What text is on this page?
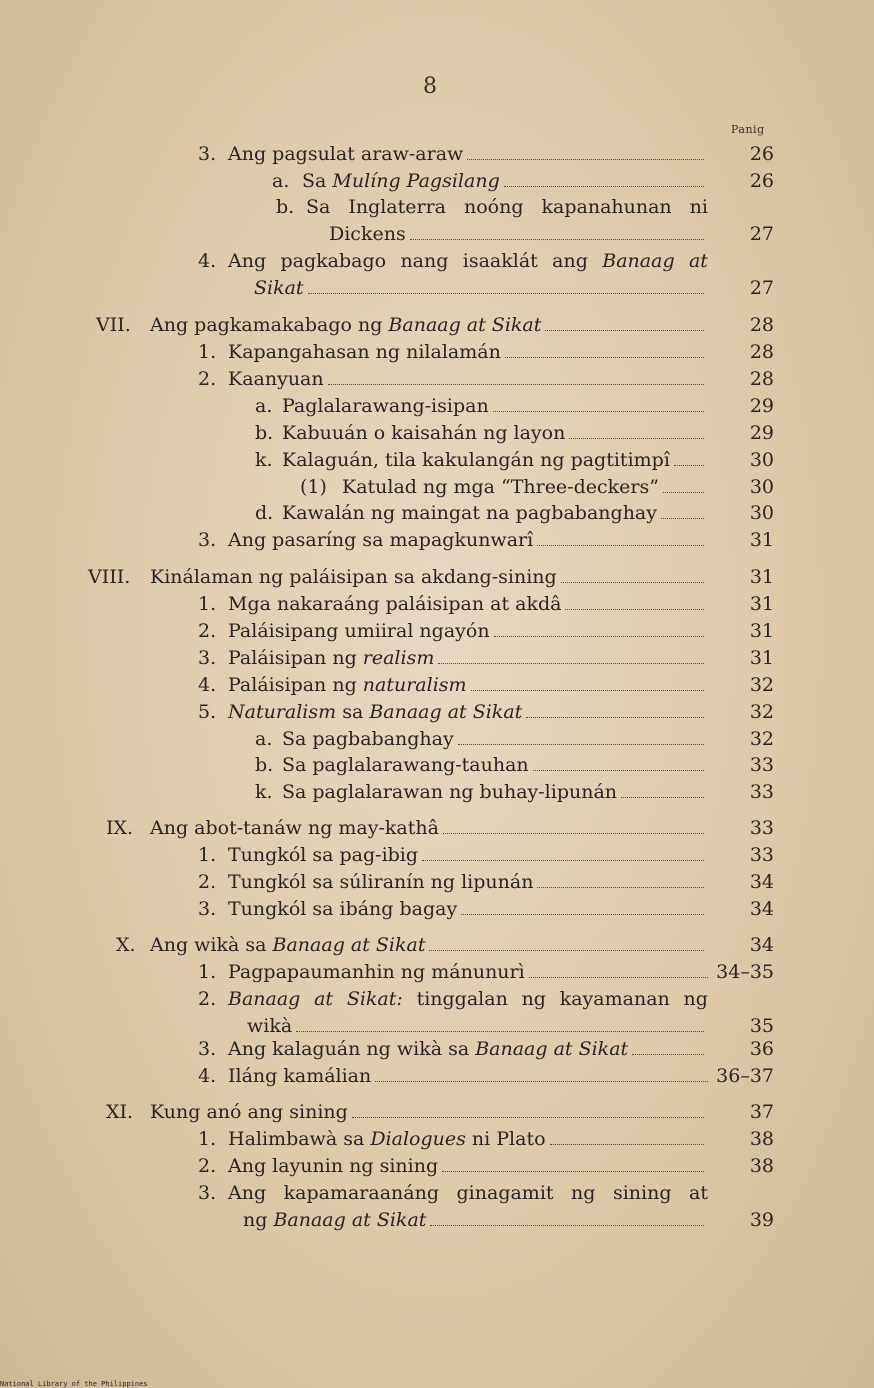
8
Panig
3. Ang pagsulat araw-araw	26
a. Sa
Mulíng Pagsilang	26
b. Sa Inglaterra noóng kapanahunan ni
Dickens	27
4. Ang pagkabago nang isaaklát ang Banaag at
Sikat	27
VII. Ang pagkamakabago ng
Banaag at Sikat	28
1. Kapangahasan ng nilalamán	28
2. Kaanyuan	28
a. Paglalarawang-isipan	29
b. Kabuuán o kaisahán ng layon	29
k. Kalaguán, tila kakulangán ng pagtitimpî	30
(1) Katulad ng mga “Three-deckers”	30
d. Kawalán ng maingat na pagbabanghay	30
3. Ang pasaríng sa mapagkunwarî	31
VIII. Kinálaman ng paláisipan sa akdang-sining	31
1. Mga nakaraáng paláisipan at akdâ	31
2. Paláisipang umiiral ngayón	31
3. Paláisipan ng
realism	31
4. Paláisipan ng
naturalism	32
5. Naturalism
sa
Banaag at Sikat	32
a. Sa pagbabanghay	32
b. Sa paglalarawang-tauhan	33
k. Sa paglalarawan ng buhay-lipunán	33
IX. Ang abot-tanáw ng may-kathâ	33
1. Tungkól sa pag-ibig	33
2. Tungkól sa súliranín ng lipunán	34
3. Tungkól sa ibáng bagay	34
X. Ang wikà sa
Banaag at Sikat	34
1. Pagpapaumanhin ng mánunurì	34–35
2. Banaag at Sikat: tinggalan ng kayamanan ng
wikà	35
3. Ang kalaguán ng wikà sa
Banaag at Sikat	36
4. Iláng kamálian	36–37
XI. Kung anó ang sining	37
1. Halimbawà sa
Dialogues
ni Plato	38
2. Ang layunin ng sining	38
3. Ang kapamaraanáng ginagamit ng sining at
ng
Banaag at Sikat	39
National Library of the Philippines
